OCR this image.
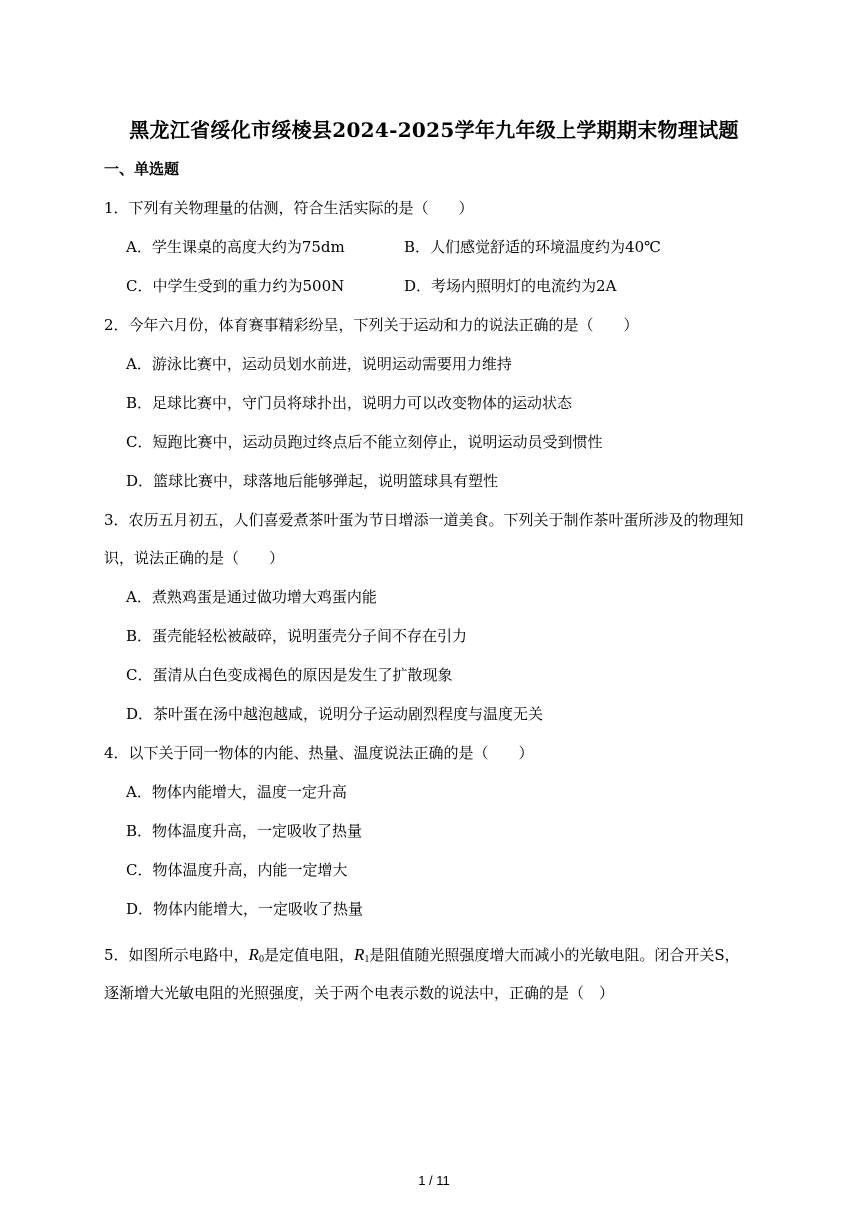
黑龙江省绥化市绥棱县2024-2025学年九年级上学期期末物理试题
一、单选题
1．下列有关物理量的估测，符合生活实际的是（　　）
A．学生课桌的高度大约为75dm	B．人们感觉舒适的环境温度约为40℃
C．中学生受到的重力约为500N	D．考场内照明灯的电流约为2A
2．今年六月份，体育赛事精彩纷呈，下列关于运动和力的说法正确的是（　　）
A．游泳比赛中，运动员划水前进，说明运动需要用力维持
B．足球比赛中，守门员将球扑出，说明力可以改变物体的运动状态
C．短跑比赛中，运动员跑过终点后不能立刻停止，说明运动员受到惯性
D．篮球比赛中，球落地后能够弹起，说明篮球具有塑性
3．农历五月初五，人们喜爱煮茶叶蛋为节日增添一道美食。下列关于制作茶叶蛋所涉及的物理知
识，说法正确的是（　　）
A．煮熟鸡蛋是通过做功增大鸡蛋内能
B．蛋壳能轻松被敲碎，说明蛋壳分子间不存在引力
C．蛋清从白色变成褐色的原因是发生了扩散现象
D．茶叶蛋在汤中越泡越咸，说明分子运动剧烈程度与温度无关
4．以下关于同一物体的内能、热量、温度说法正确的是（　　）
A．物体内能增大，温度一定升高
B．物体温度升高，一定吸收了热量
C．物体温度升高，内能一定增大
D．物体内能增大，一定吸收了热量
5．如图所示电路中，$R_0$是定值电阻，$R_1$是阻值随光照强度增大而减小的光敏电阻。闭合开关S，
逐渐增大光敏电阻的光照强度，关于两个电表示数的说法中，正确的是（　）
1 / 11
